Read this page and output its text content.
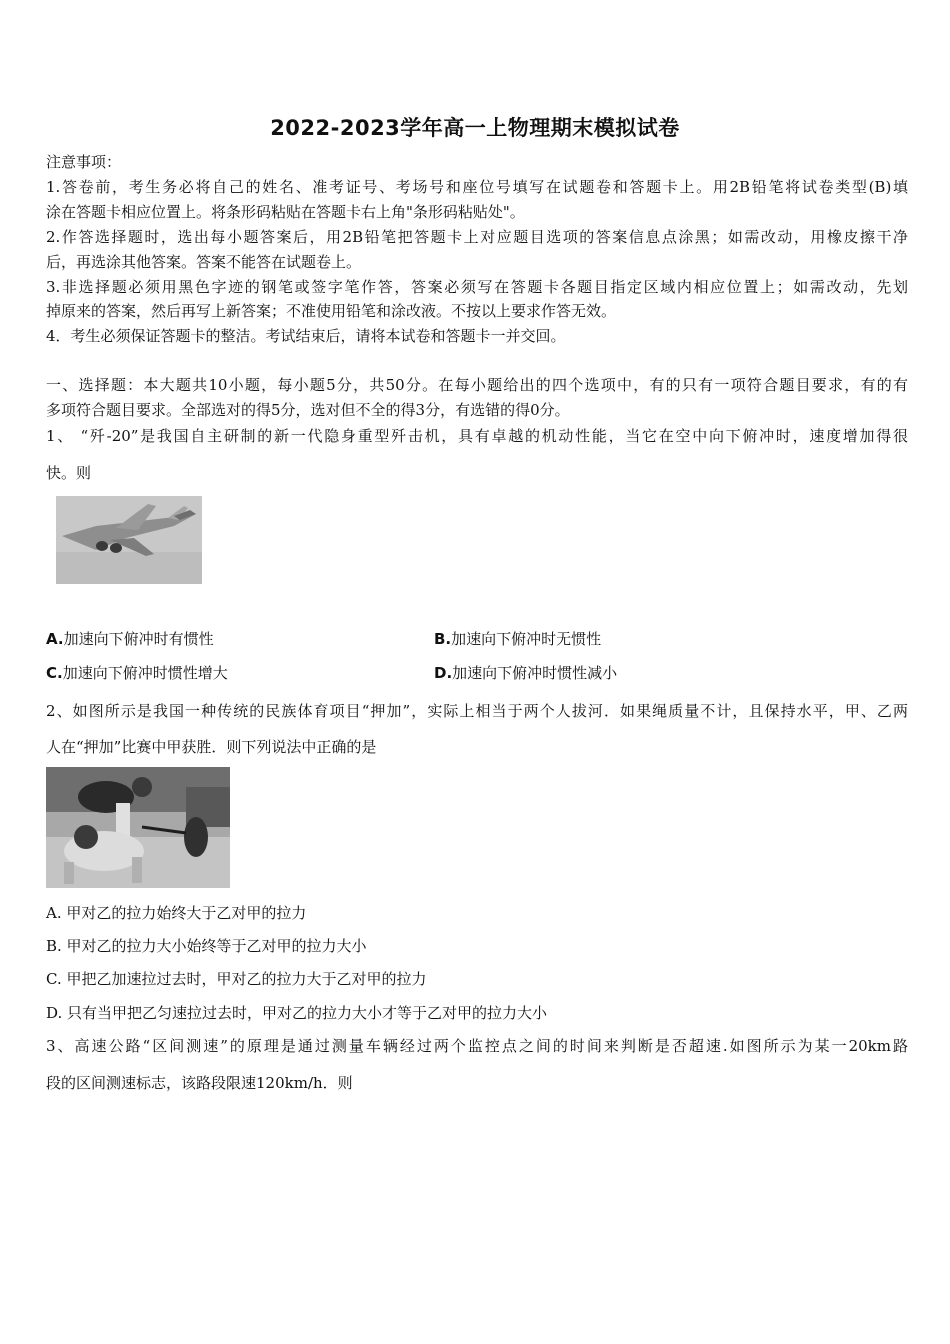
2022-2023学年高一上物理期末模拟试卷
注意事项：
1.答卷前，考生务必将自己的姓名、准考证号、考场号和座位号填写在试题卷和答题卡上。用2B铅笔将试卷类型(B)填
涂在答题卡相应位置上。将条形码粘贴在答题卡右上角"条形码粘贴处"。
2.作答选择题时，选出每小题答案后，用2B铅笔把答题卡上对应题目选项的答案信息点涂黑；如需改动，用橡皮擦干净
后，再选涂其他答案。答案不能答在试题卷上。
3.非选择题必须用黑色字迹的钢笔或签字笔作答，答案必须写在答题卡各题目指定区域内相应位置上；如需改动，先划
掉原来的答案，然后再写上新答案；不准使用铅笔和涂改液。不按以上要求作答无效。
4．考生必须保证答题卡的整洁。考试结束后，请将本试卷和答题卡一并交回。
一、选择题：本大题共10小题，每小题5分，共50分。在每小题给出的四个选项中，有的只有一项符合题目要求，有的有
多项符合题目要求。全部选对的得5分，选对但不全的得3分，有选错的得0分。
1、 “歼-20”是我国自主研制的新一代隐身重型歼击机，具有卓越的机动性能，当它在空中向下俯冲时，速度增加得很
快。则
A.加速向下俯冲时有惯性	B.加速向下俯冲时无惯性
C.加速向下俯冲时惯性增大	D.加速向下俯冲时惯性减小
2、如图所示是我国一种传统的民族体育项目“押加”，实际上相当于两个人拔河．如果绳质量不计，且保持水平，甲、乙两
人在“押加”比赛中甲获胜．则下列说法中正确的是
A. 甲对乙的拉力始终大于乙对甲的拉力
B. 甲对乙的拉力大小始终等于乙对甲的拉力大小
C. 甲把乙加速拉过去时，甲对乙的拉力大于乙对甲的拉力
D. 只有当甲把乙匀速拉过去时，甲对乙的拉力大小才等于乙对甲的拉力大小
3、高速公路“区间测速”的原理是通过测量车辆经过两个监控点之间的时间来判断是否超速.如图所示为某一20km路
段的区间测速标志，该路段限速120km/h．则
